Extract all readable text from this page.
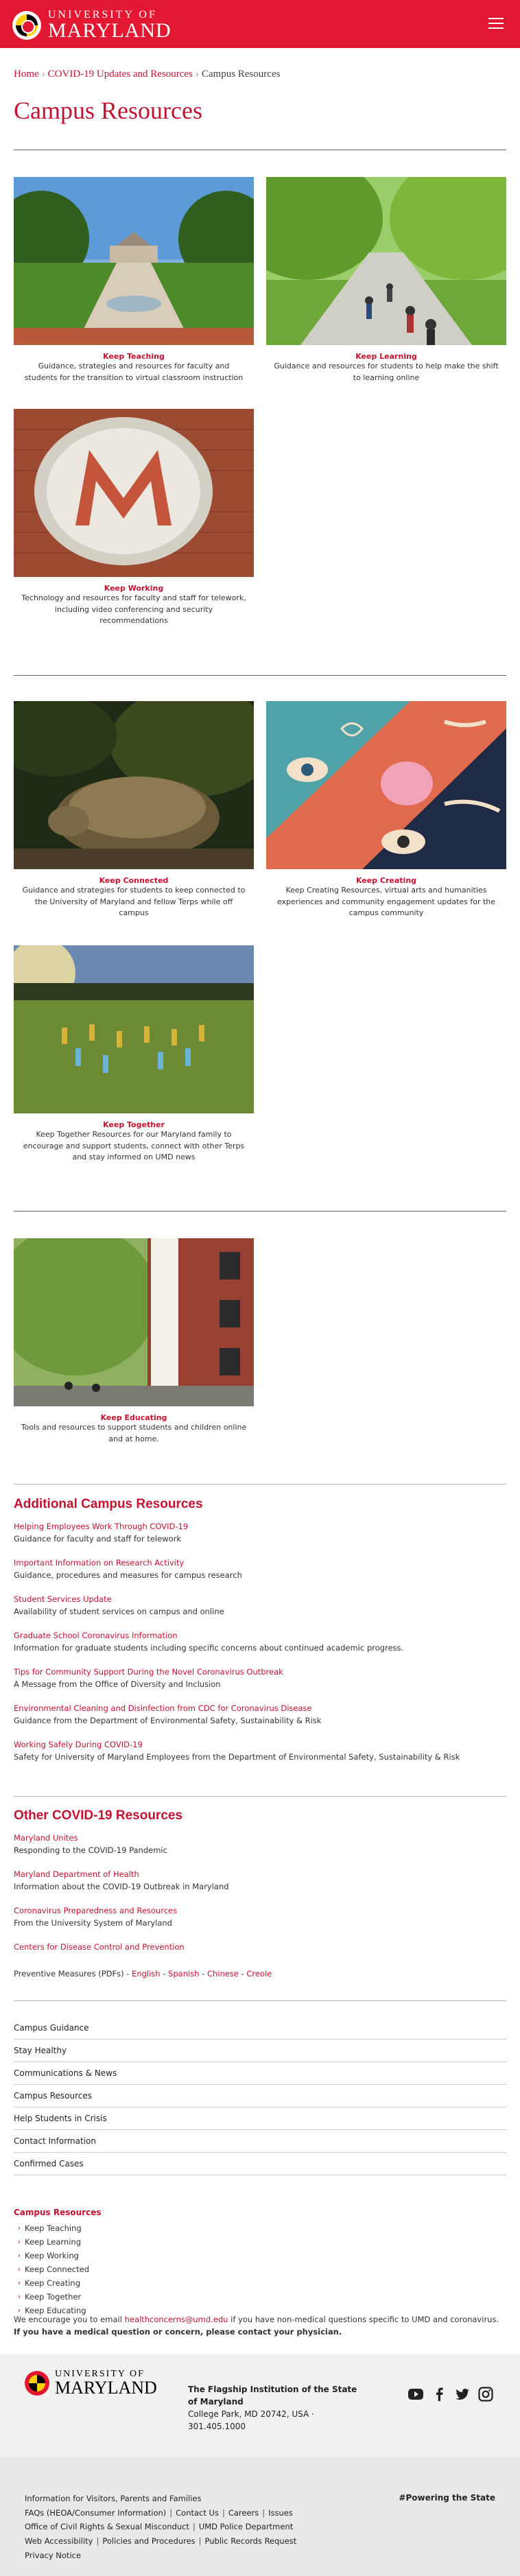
UNIVERSITY OF
MARYLAND
Home › COVID-19 Updates and Resources › Campus Resources
Campus Resources
Keep Teaching
Guidance, strategies and resources for faculty and students for the transition to virtual classroom instruction
Keep Learning
Guidance and resources for students to help make the shift to learning online
Keep Working
Technology and resources for faculty and staff for telework, including video conferencing and security recommendations
Keep Connected
Guidance and strategies for students to keep connected to the University of Maryland and fellow Terps while off campus
Keep Creating
Keep Creating Resources, virtual arts and humanities experiences and community engagement updates for the campus community
Keep Together
Keep Together Resources for our Maryland family to encourage and support students, connect with other Terps and stay informed on UMD news
Keep Educating
Tools and resources to support students and children online and at home.
Additional Campus Resources
Helping Employees Work Through COVID-19
Guidance for faculty and staff for telework
Important Information on Research Activity
Guidance, procedures and measures for campus research
Student Services Update
Availability of student services on campus and online
Graduate School Coronavirus Information
Information for graduate students including specific concerns about continued academic progress.
Tips for Community Support During the Novel Coronavirus Outbreak
A Message from the Office of Diversity and Inclusion
Environmental Cleaning and Disinfection from CDC for Coronavirus Disease
Guidance from the Department of Environmental Safety, Sustainability & Risk
Working Safely During COVID-19
Safety for University of Maryland Employees from the Department of Environmental Safety, Sustainability & Risk
Other COVID-19 Resources
Maryland Unites
Responding to the COVID-19 Pandemic
Maryland Department of Health
Information about the COVID-19 Outbreak in Maryland
Coronavirus Preparedness and Resources
From the University System of Maryland
Centers for Disease Control and Prevention
Preventive Measures (PDFs) - English - Spanish - Chinese - Creole
Campus Guidance
Stay Healthy
Communications & News
Campus Resources
Help Students in Crisis
Contact Information
Confirmed Cases
Campus Resources
› Keep Teaching
› Keep Learning
› Keep Working
› Keep Connected
› Keep Creating
› Keep Together
› Keep Educating
We encourage you to email healthconcerns@umd.edu if you have non-medical questions specific to UMD and coronavirus. If you have a medical question or concern, please contact your physician.
UNIVERSITY OF
MARYLAND	The Flagship Institution of the State of Maryland
College Park, MD 20742, USA · 301.405.1000
Information for Visitors, Parents and Families
FAQs (HEOA/Consumer Information) | Contact Us | Careers | Issues
Office of Civil Rights & Sexual Misconduct | UMD Police Department
Web Accessibility | Policies and Procedures | Public Records Request
Privacy Notice
#Powering the State
